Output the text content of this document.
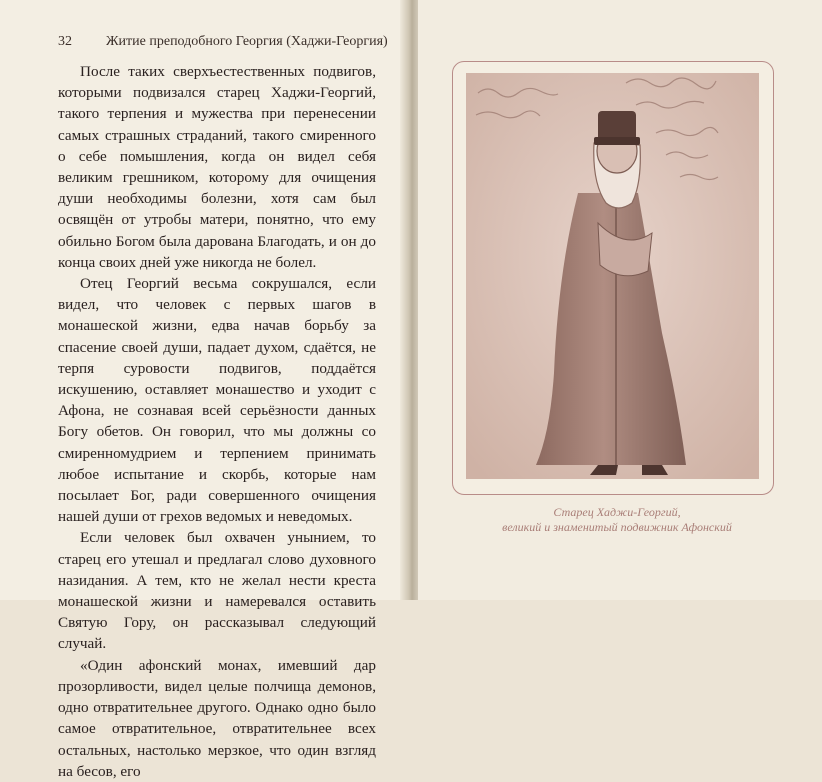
32 Житие преподобного Георгия (Хаджи-Георгия)

После таких сверхъестественных подвигов, которыми подвизался старец Хаджи-Георгий, такого терпения и мужества при перенесении самых страшных страданий, такого смиренного о себе помышления, когда он видел себя великим грешником, которому для очищения души необходимы болезни, хотя сам был освящён от утробы матери, понятно, что ему обильно Богом была дарована Благодать, и он до конца своих дней уже никогда не болел.

Отец Георгий весьма сокрушался, если видел, что человек с первых шагов в монашеской жизни, едва начав борьбу за спасение своей души, падает духом, сдаётся, не терпя суровости подвигов, поддаётся искушению, оставляет монашество и уходит с Афона, не сознавая всей серьёзности данных Богу обетов. Он говорил, что мы должны со смиренномудрием и терпением принимать любое испытание и скорбь, которые нам посылает Бог, ради совершенного очищения нашей души от грехов ведомых и неведомых.

Если человек был охвачен унынием, то старец его утешал и предлагал слово духовного назидания. А тем, кто не желал нести креста монашеской жизни и намеревался оставить Святую Гору, он рассказывал следующий случай.

«Один афонский монах, имевший дар прозорливости, видел целые полчища демонов, одно отвратительнее другого. Однако одно было самое отвратительное, отвратительнее всех остальных, настолько мерзкое, что один взгляд на бесов, его

Старец Хаджи-Георгий,
великий и знаменитый подвижник Афонский
